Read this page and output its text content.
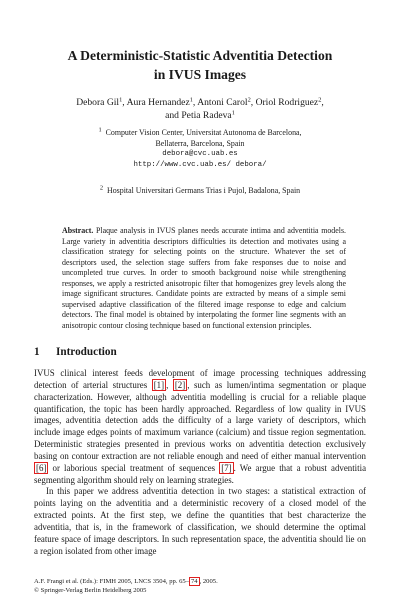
A Deterministic-Statistic Adventitia Detection
in IVUS Images
Debora Gil$^1$, Aura Hernandez$^1$, Antoni Carol$^2$, Oriol Rodriguez$^2$,
and Petia Radeva$^1$
$^1$ Computer Vision Center, Universitat Autonoma de Barcelona,
Bellaterra, Barcelona, Spain
debora@cvc.uab.es
http://www.cvc.uab.es/ debora/
$^2$ Hospital Universitari Germans Trias i Pujol, Badalona, Spain
Abstract. Plaque analysis in IVUS planes needs accurate intima and adventitia models. Large variety in adventitia descriptors difficulties its detection and motivates using a classification strategy for selecting points on the structure. Whatever the set of descriptors used, the selection stage suffers from fake responses due to noise and uncompleted true curves. In order to smooth background noise while strengthening responses, we apply a restricted anisotropic filter that homogenizes grey levels along the image significant structures. Candidate points are extracted by means of a simple semi supervised adaptive classification of the filtered image response to edge and calcium detectors. The final model is obtained by interpolating the former line segments with an anisotropic contour closing technique based on functional extension principles.
1 Introduction

IVUS clinical interest feeds development of image processing techniques addressing detection of arterial structures [1] , [2] , such as lumen/intima segmentation or plaque characterization. However, although adventitia modelling is crucial for a reliable plaque quantification, the topic has been hardly approached. Regardless of low quality in IVUS images, adventitia detection adds the difficulty of a large variety of descriptors, which include image edges points of maximum variance (calcium) and tissue region segmentation. Deterministic strategies presented in previous works on adventitia detection exclusively basing on contour extraction are not reliable enough and need of either manual intervention [6] or laborious special treatment of sequences [7] . We argue that a robust adventitia segmenting algorithm should rely on learning strategies.

In this paper we address adventitia detection in two stages: a statistical extraction of points laying on the adventitia and a deterministic recovery of a closed model of the extracted points. At the first step, we define the quantities that best characterize the adventitia, that is, in the framework of classification, we should determine the optimal feature space of image descriptors. In such representation space, the adventitia should lie on a region isolated from other image

A.F. Frangi et al. (Eds.): FIMH 2005, LNCS 3504, pp. 65– 74 , 2005.
© Springer-Verlag Berlin Heidelberg 2005
